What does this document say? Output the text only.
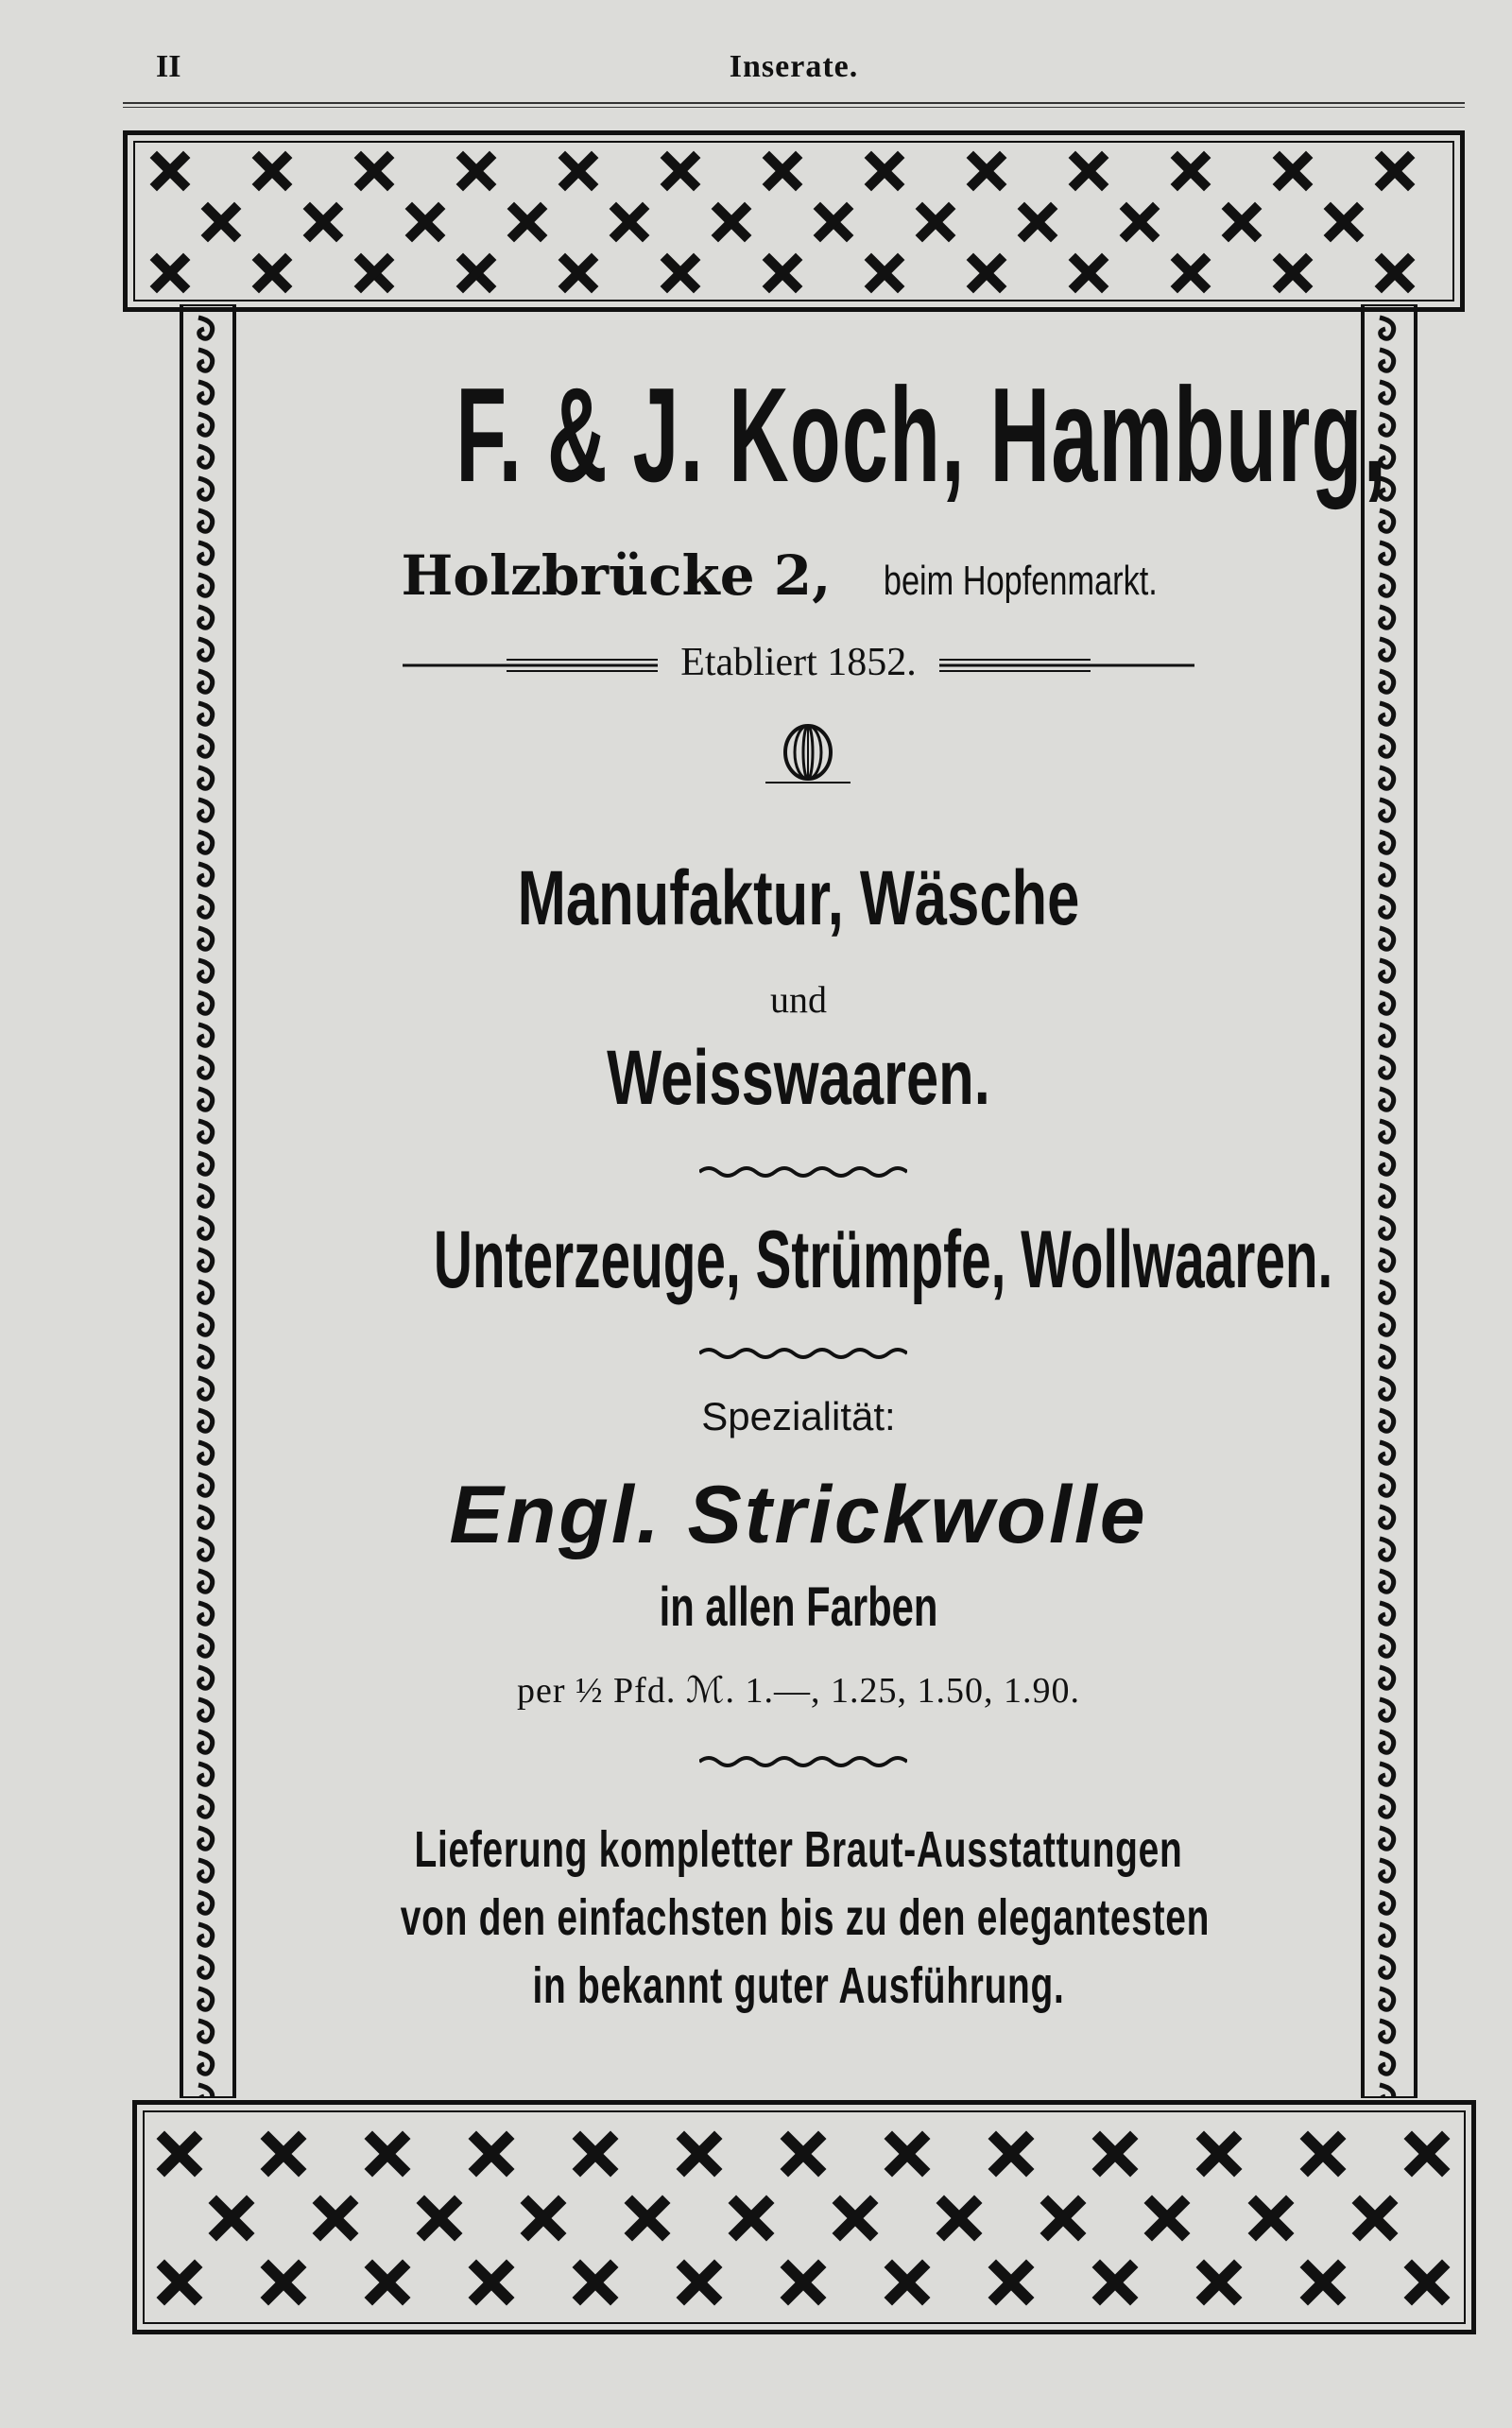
II	Inserate.
F. & J. Koch, Hamburg,
Holzbrücke 2, beim Hopfenmarkt.
Etabliert 1852.
Manufaktur, Wäsche
und
Weisswaaren.
Unterzeuge, Strümpfe, Wollwaaren.
Spezialität:
Engl. Strickwolle
in allen Farben
per ½ Pfd. ℳ. 1.—, 1.25, 1.50, 1.90.
Lieferung kompletter Braut-Ausstattungen
von den einfachsten bis zu den elegantesten
in bekannt guter Ausführung.
